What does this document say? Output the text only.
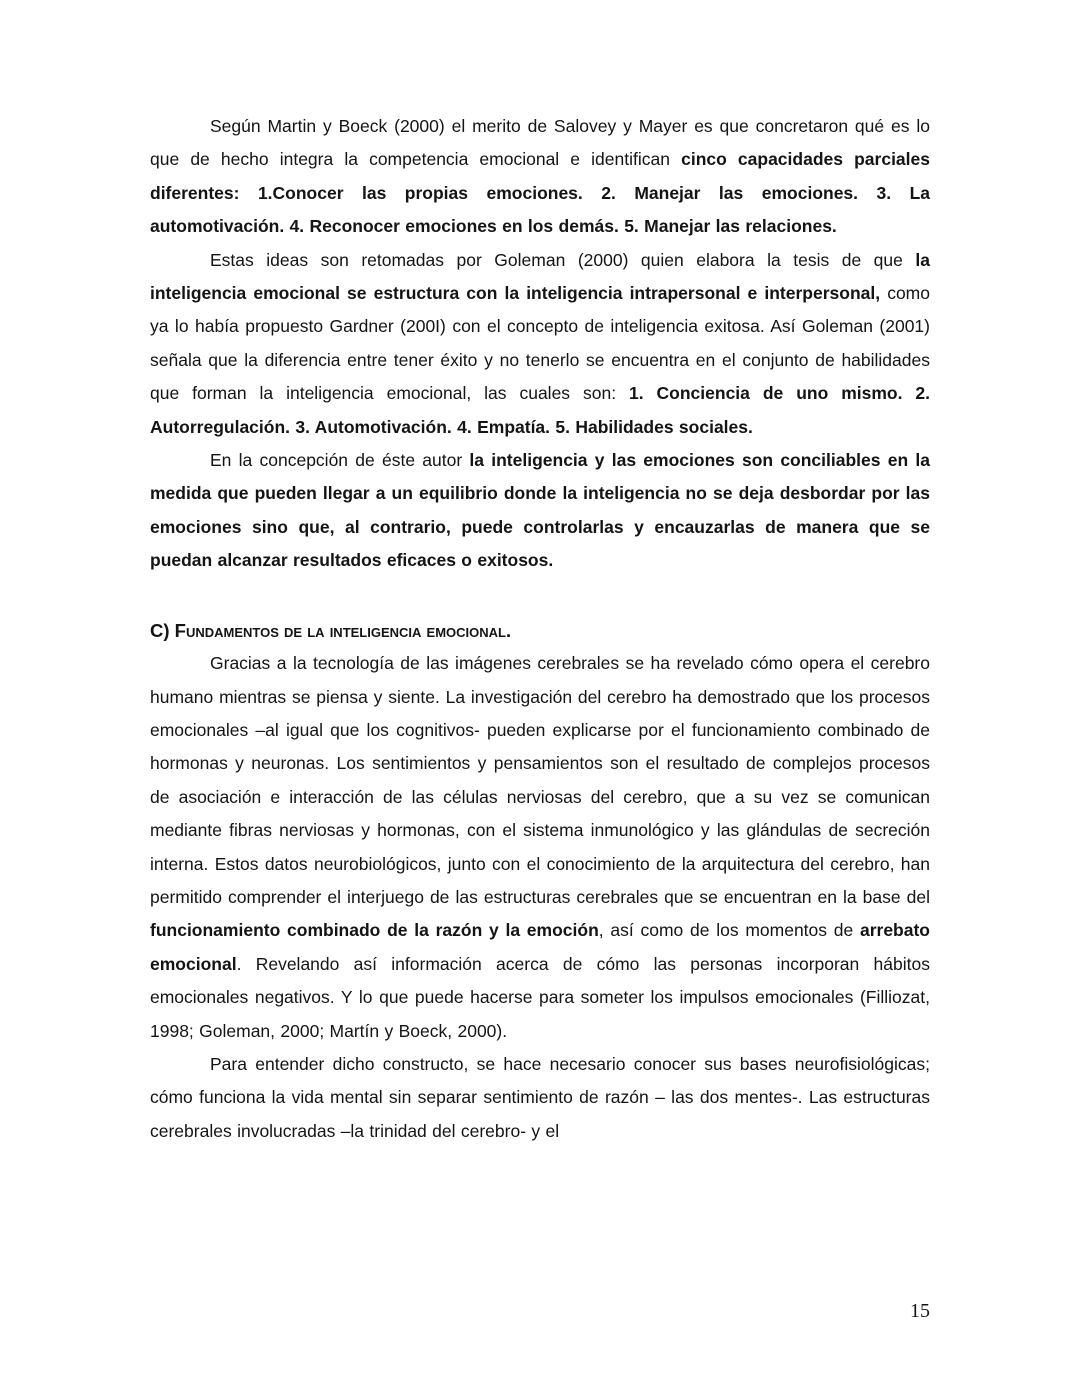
Según Martin y Boeck (2000) el merito de Salovey y Mayer es que concretaron qué es lo que de hecho integra la competencia emocional e identifican cinco capacidades parciales diferentes: 1.Conocer las propias emociones. 2. Manejar las emociones. 3. La automotivación. 4. Reconocer emociones en los demás. 5. Manejar las relaciones.

Estas ideas son retomadas por Goleman (2000) quien elabora la tesis de que la inteligencia emocional se estructura con la inteligencia intrapersonal e interpersonal, como ya lo había propuesto Gardner (200I) con el concepto de inteligencia exitosa. Así Goleman (2001) señala que la diferencia entre tener éxito y no tenerlo se encuentra en el conjunto de habilidades que forman la inteligencia emocional, las cuales son: 1. Conciencia de uno mismo. 2. Autorregulación. 3. Automotivación. 4. Empatía. 5. Habilidades sociales.

En la concepción de éste autor la inteligencia y las emociones son conciliables en la medida que pueden llegar a un equilibrio donde la inteligencia no se deja desbordar por las emociones sino que, al contrario, puede controlarlas y encauzarlas de manera que se puedan alcanzar resultados eficaces o exitosos.

C) Fundamentos de la inteligencia emocional.

Gracias a la tecnología de las imágenes cerebrales se ha revelado cómo opera el cerebro humano mientras se piensa y siente. La investigación del cerebro ha demostrado que los procesos emocionales –al igual que los cognitivos- pueden explicarse por el funcionamiento combinado de hormonas y neuronas. Los sentimientos y pensamientos son el resultado de complejos procesos de asociación e interacción de las células nerviosas del cerebro, que a su vez se comunican mediante fibras nerviosas y hormonas, con el sistema inmunológico y las glándulas de secreción interna. Estos datos neurobiológicos, junto con el conocimiento de la arquitectura del cerebro, han permitido comprender el interjuego de las estructuras cerebrales que se encuentran en la base del funcionamiento combinado de la razón y la emoción, así como de los momentos de arrebato emocional. Revelando así información acerca de cómo las personas incorporan hábitos emocionales negativos. Y lo que puede hacerse para someter los impulsos emocionales (Filliozat, 1998; Goleman, 2000; Martín y Boeck, 2000).

Para entender dicho constructo, se hace necesario conocer sus bases neurofisiológicas; cómo funciona la vida mental sin separar sentimiento de razón – las dos mentes-. Las estructuras cerebrales involucradas –la trinidad del cerebro- y el

15
